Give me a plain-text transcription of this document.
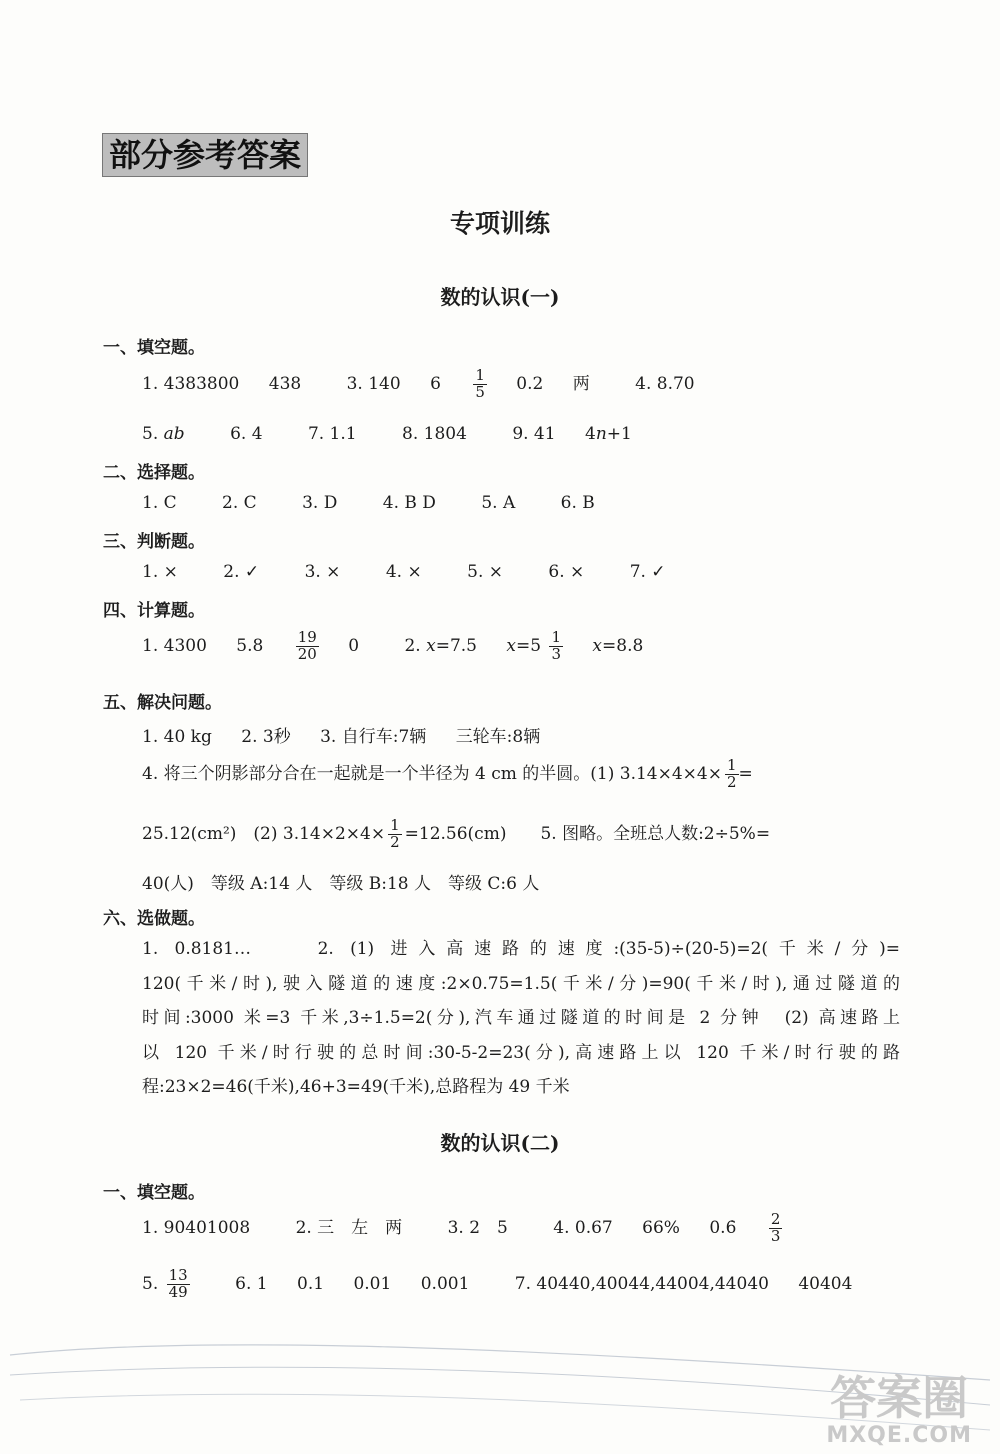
部分参考答案
专项训练
数的认识(一)
一、填空题。
1. 4383800 438	3. 140 $6 \frac{1}{5} 0.2$ 两	4. 8.70
5. ab	6. 4	7. 1.1	8. 1804	9. 41 4n+1
二、选择题。
1. C	2. C	3. D	4. B D	5. A	6. B
三、判断题。
1. ×	2. ✓	3. ×	4. ×	5. ×	6. ×	7. ✓
四、计算题。
1. 4300 $5.8 \frac{19}{20} 0$	2. x=7.5 $x=5 \frac{1}{3} x=8.8$
五、解决问题。
1. 40 kg 2. 3秒 3. 自行车:7辆 三轮车:8辆
4. 将三个阴影部分合在一起就是一个半径为 4 cm 的半圆。(1) $3.14\times 4\times 4\times \frac{1}{2}$ =
25.12(cm²)　(2) $3.14\times 2\times 4\times \frac{1}{2} =12.56(cm)$　　5. 图略。全班总人数:2÷5%=
40(人)　等级 A:14 人　等级 B:18 人　等级 C:6 人
六、选做题。
1. 0.8181…　　2. (1) 进入高速路的速度:(35-5)÷(20-5)=2(千米/分)=
120(千米/时),驶入隧道的速度:2×0.75=1.5(千米/分)=90(千米/时),通过隧道的
时间:3000 米=3 千米,3÷1.5=2(分),汽车通过隧道的时间是 2 分钟　(2) 高速路上
以 120 千米/时行驶的总时间:30-5-2=23(分),高速路上以 120 千米/时行驶的路
程:23×2=46(千米),46+3=49(千米),总路程为 49 千米
数的认识(二)
一、填空题。
1. 90401008	2. 三　左　两	3. 2　5	4. 0.67 66% 0.6̇ $\frac{2}{3}$
5. $\frac{13}{49}$	6. 1 0.1 0.01 0.001	7. 40440,40044,44004,44040 40404
答案圈
MXQE.COM
